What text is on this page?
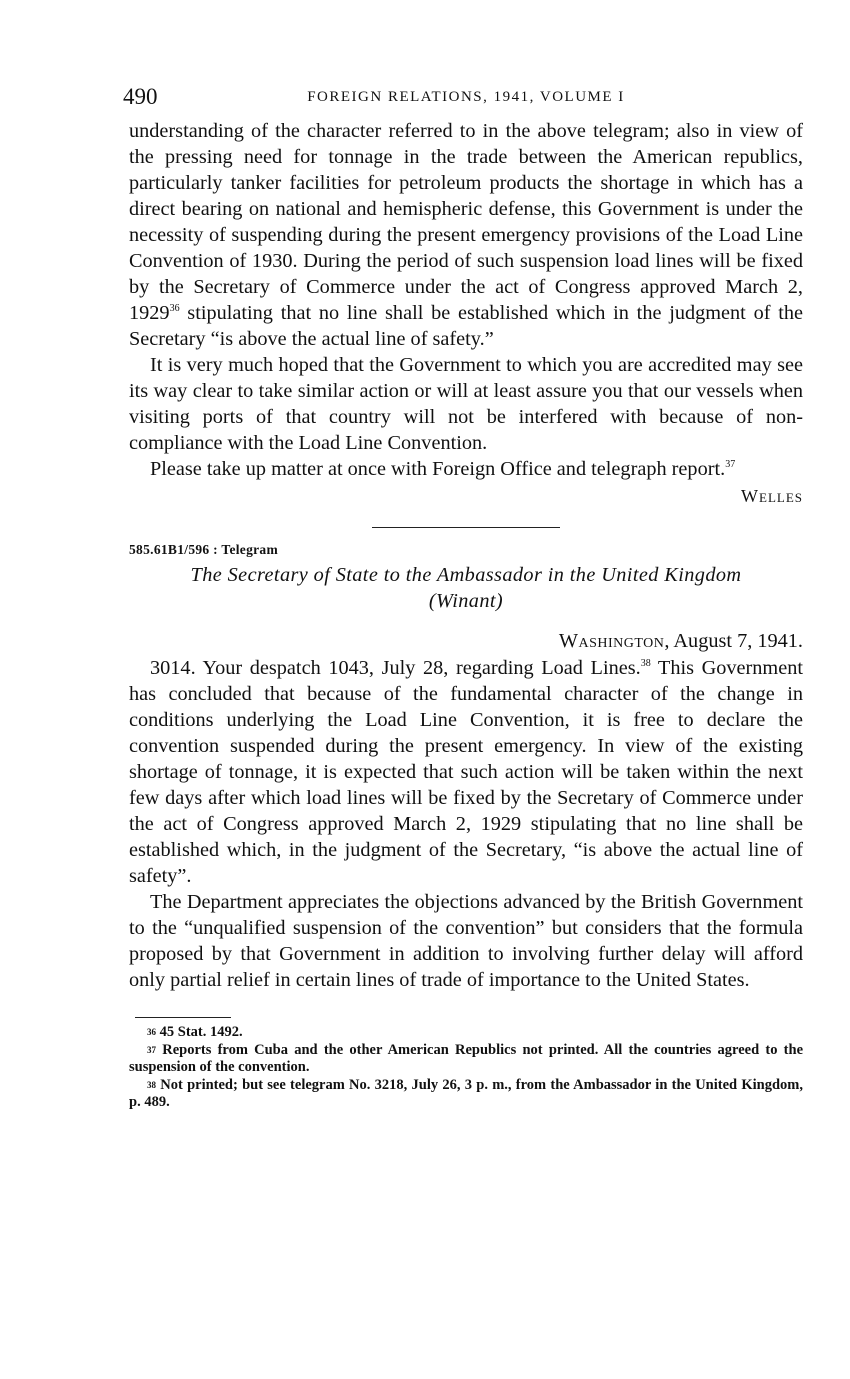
490	FOREIGN RELATIONS, 1941, VOLUME I

understanding of the character referred to in the above telegram; also in view of the pressing need for tonnage in the trade between the American republics, particularly tanker facilities for petroleum products the shortage in which has a direct bearing on national and hemispheric defense, this Government is under the necessity of suspending during the present emergency provisions of the Load Line Convention of 1930. During the period of such suspension load lines will be fixed by the Secretary of Commerce under the act of Congress approved March 2, 1929$^{36}$ stipulating that no line shall be established which in the judgment of the Secretary “is above the actual line of safety.”

It is very much hoped that the Government to which you are accredited may see its way clear to take similar action or will at least assure you that our vessels when visiting ports of that country will not be interfered with because of non-compliance with the Load Line Convention.

Please take up matter at once with Foreign Office and telegraph report.$^{37}$

Welles
585.61B1/596 : Telegram
The Secretary of State to the Ambassador in the United Kingdom
(Winant)
Washington, August 7, 1941.

3014. Your despatch 1043, July 28, regarding Load Lines.$^{38}$ This Government has concluded that because of the fundamental character of the change in conditions underlying the Load Line Convention, it is free to declare the convention suspended during the present emergency. In view of the existing shortage of tonnage, it is expected that such action will be taken within the next few days after which load lines will be fixed by the Secretary of Commerce under the act of Congress approved March 2, 1929 stipulating that no line shall be established which, in the judgment of the Secretary, “is above the actual line of safety”.

The Department appreciates the objections advanced by the British Government to the “unqualified suspension of the convention” but considers that the formula proposed by that Government in addition to involving further delay will afford only partial relief in certain lines of trade of importance to the United States.

$^{36}$ 45 Stat. 1492.
$^{37}$ Reports from Cuba and the other American Republics not printed. All the countries agreed to the suspension of the convention.
$^{38}$ Not printed; but see telegram No. 3218, July 26, 3 p. m., from the Ambassador in the United Kingdom, p. 489.
